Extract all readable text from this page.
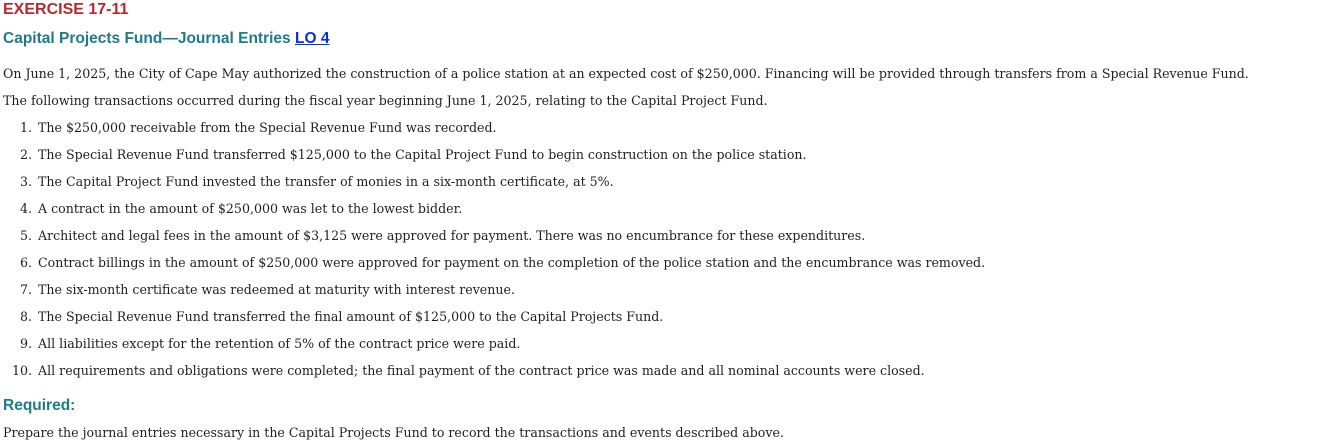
EXERCISE 17-11
Capital Projects Fund—Journal Entries LO 4
On June 1, 2025, the City of Cape May authorized the construction of a police station at an expected cost of $250,000. Financing will be provided through transfers from a Special Revenue Fund.
The following transactions occurred during the fiscal year beginning June 1, 2025, relating to the Capital Project Fund.
1. The $250,000 receivable from the Special Revenue Fund was recorded.
2. The Special Revenue Fund transferred $125,000 to the Capital Project Fund to begin construction on the police station.
3. The Capital Project Fund invested the transfer of monies in a six-month certificate, at 5%.
4. A contract in the amount of $250,000 was let to the lowest bidder.
5. Architect and legal fees in the amount of $3,125 were approved for payment. There was no encumbrance for these expenditures.
6. Contract billings in the amount of $250,000 were approved for payment on the completion of the police station and the encumbrance was removed.
7. The six-month certificate was redeemed at maturity with interest revenue.
8. The Special Revenue Fund transferred the final amount of $125,000 to the Capital Projects Fund.
9. All liabilities except for the retention of 5% of the contract price were paid.
10. All requirements and obligations were completed; the final payment of the contract price was made and all nominal accounts were closed.
Required:
Prepare the journal entries necessary in the Capital Projects Fund to record the transactions and events described above.
